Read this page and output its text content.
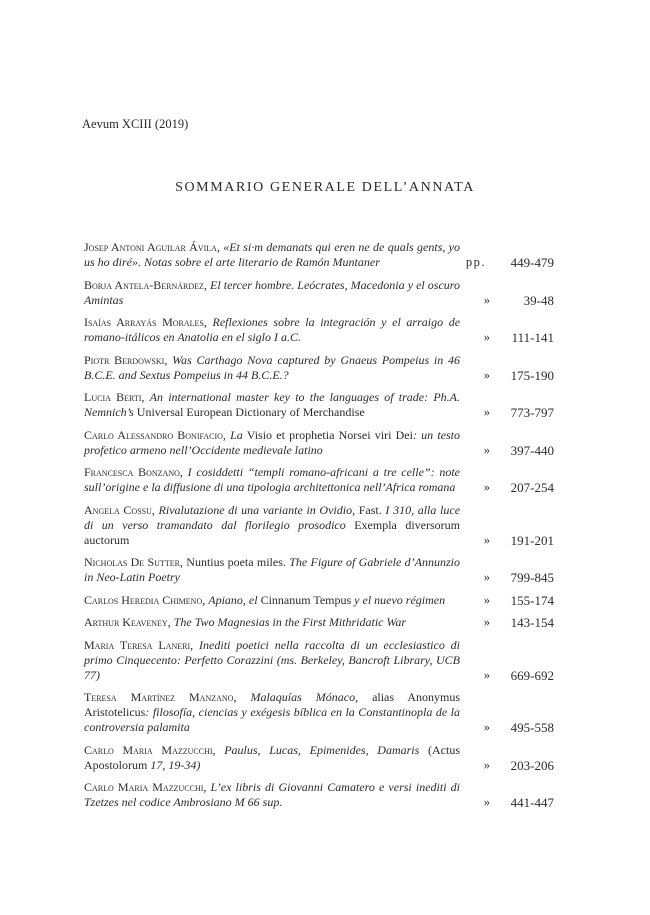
Aevum XCIII (2019)
SOMMARIO GENERALE DELL’ANNATA
Josep Antoni Aguilar Ávila, «Et si·m demanats qui eren ne de quals gents, yo us ho diré». Notas sobre el arte literario de Ramón Muntaner	pp. 449-479
Borja Antela-Bernárdez, El tercer hombre. Leócrates, Macedonia y el oscuro Amintas	»	39-48
Isaías Arrayás Morales, Reflexiones sobre la integración y el arraigo de romano-itálicos en Anatolia en el siglo I a.C.	» 111-141
Piotr Berdowski, Was Carthago Nova captured by Gnaeus Pompeius in 46 B.C.E. and Sextus Pompeius in 44 B.C.E.?	» 175-190
Lucia Berti, An international master key to the languages of trade: Ph.A. Nemnich’s Universal European Dictionary of Merchandise	» 773-797
Carlo Alessandro Bonifacio, La Visio et prophetia Norsei viri Dei: un testo profetico armeno nell’Occidente medievale latino	» 397-440
Francesca Bonzano, I cosiddetti “templi romano-africani a tre celle”: note sull’origine e la diffusione di una tipologia architettonica nell’Africa romana	» 207-254
Angela Cossu, Rivalutazione di una variante in Ovidio, Fast. I 310, alla luce di un verso tramandato dal florilegio prosodico Exempla diversorum auctorum	» 191-201
Nicholas De Sutter, Nuntius poeta miles. The Figure of Gabriele d’Annunzio in Neo-Latin Poetry	» 799-845
Carlos Heredia Chimeno, Apiano, el Cinnanum Tempus y el nuevo régimen	» 155-174
Arthur Keaveney, The Two Magnesias in the First Mithridatic War	» 143-154
Maria Teresa Laneri, Inediti poetici nella raccolta di un ecclesiastico di primo Cinquecento: Perfetto Corazzini (ms. Berkeley, Bancroft Library, UCB 77)	» 669-692
Teresa Martínez Manzano, Malaquías Mónaco, alias Anonymus Aristotelicus: filosofía, ciencias y exégesis bíblica en la Constantinopla de la controversia palamita	» 495-558
Carlo Maria Mazzucchi, Paulus, Lucas, Epimenides, Damaris (Actus Apostolorum 17, 19-34)	» 203-206
Carlo Maria Mazzucchi, L’ex libris di Giovanni Camatero e versi inediti di Tzetzes nel codice Ambrosiano M 66 sup.	» 441-447
